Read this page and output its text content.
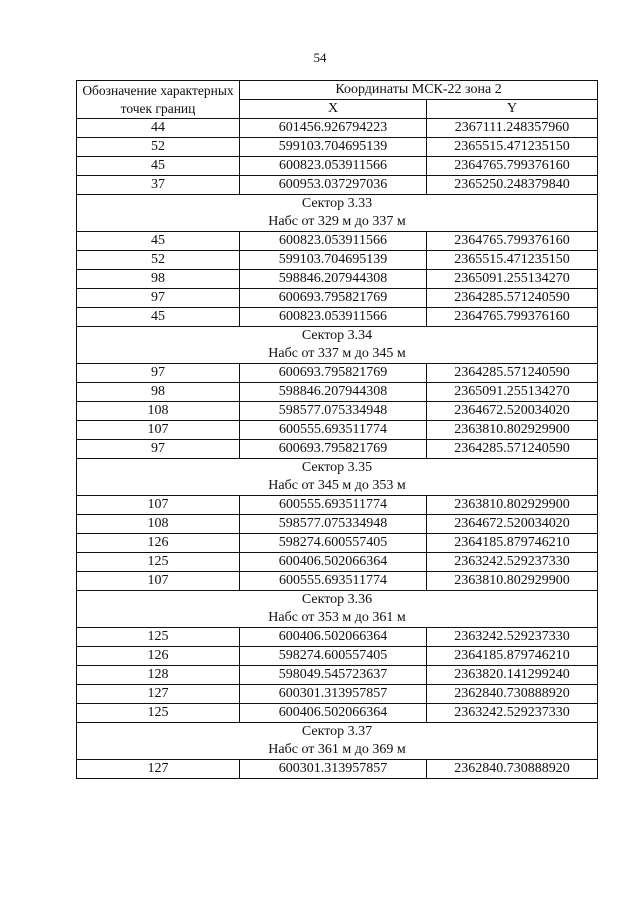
54
Обозначение характерных точек границ	Координаты МСК-22 зона 2	
	X	Y
44	601456.926794223	2367111.248357960
52	599103.704695139	2365515.471235150
45	600823.053911566	2364765.799376160
37	600953.037297036	2365250.248379840
Сектор 3.33		
Набс от 329 м до 337 м		
45	600823.053911566	2364765.799376160
52	599103.704695139	2365515.471235150
98	598846.207944308	2365091.255134270
97	600693.795821769	2364285.571240590
45	600823.053911566	2364765.799376160
Сектор 3.34		
Набс от 337 м до 345 м		
97	600693.795821769	2364285.571240590
98	598846.207944308	2365091.255134270
108	598577.075334948	2364672.520034020
107	600555.693511774	2363810.802929900
97	600693.795821769	2364285.571240590
Сектор 3.35		
Набс от 345 м до 353 м		
107	600555.693511774	2363810.802929900
108	598577.075334948	2364672.520034020
126	598274.600557405	2364185.879746210
125	600406.502066364	2363242.529237330
107	600555.693511774	2363810.802929900
Сектор 3.36		
Набс от 353 м до 361 м		
125	600406.502066364	2363242.529237330
126	598274.600557405	2364185.879746210
128	598049.545723637	2363820.141299240
127	600301.313957857	2362840.730888920
125	600406.502066364	2363242.529237330
Сектор 3.37		
Набс от 361 м до 369 м		
127	600301.313957857	2362840.730888920
